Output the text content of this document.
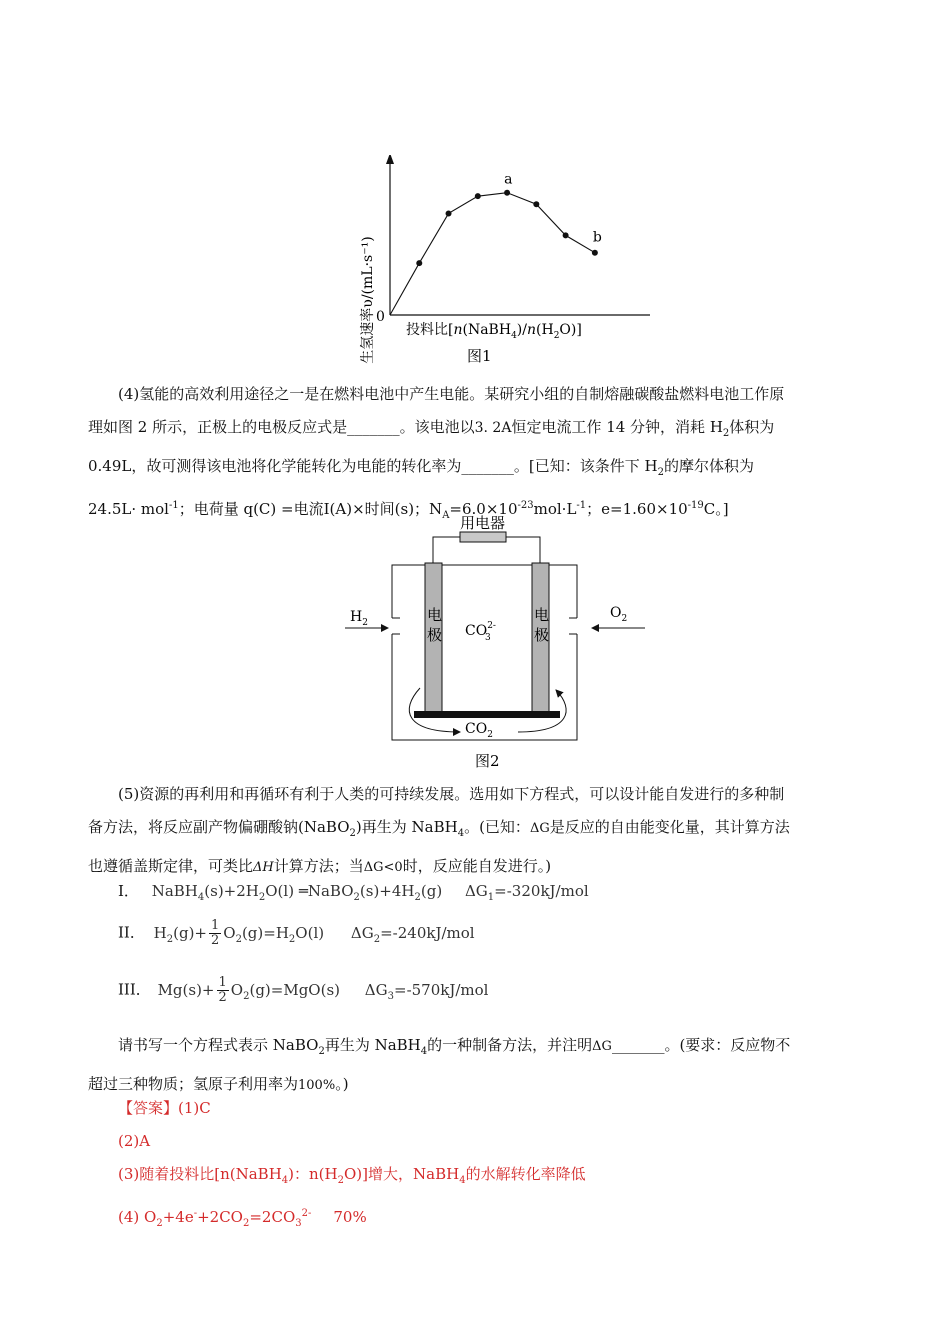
a
b
生氢速率υ/(mL·s⁻¹) 0
投料比$[n(NaBH_4)/n(H_2O)]$
图1
(4)氢能的高效利用途径之一是在燃料电池中产生电能。某研究小组的自制熔融碳酸盐燃料电池工作原
理如图 2 所示，正极上的电极反应式是_______。该电池以3. 2A恒定电流工作 14 分钟，消耗 $H_2$体积为
0.49L，故可测得该电池将化学能转化为电能的转化率为_______。[已知：该条件下 $H_2$的摩尔体积为
24.5L· mol$^{-1}$；电荷量 q(C) =电流I(A)×时间(s)；$N_A=6.0\times 10^{-23}mol\cdot L^{-1}$；$e=1.60\times 10^{-19}C$。]
用电器
电
极
电
极
$CO^{2-}3$
$H_2$
$O_2$
$CO_2$
图2
(5)资源的再利用和再循环有利于人类的可持续发展。选用如下方程式，可以设计能自发进行的多种制
备方法，将反应副产物偏硼酸钠(NaBO$_2$)再生为 NaBH$_4$。(已知：ΔG是反应的自由能变化量，其计算方法
也遵循盖斯定律，可类比ΔH计算方法；当ΔG<0时，反应能自发进行。)
I． $NaBH_4(s)+2H_2O(l)$ $═NaBO_2(s)+4H_2(g)$ $\Delta G_1=-320kJ$/mol
II． $H_2(g)+ \frac{1}{2} O_2(g)=H_2O(l)$ $\Delta G_2=-240kJ$/mol
III． $Mg(s)+ \frac{1}{2} O_2(g)=MgO(s)$ $\Delta G_3=-570kJ$/mol
请书写一个方程式表示 NaBO$_2$再生为 NaBH$_4$的一种制备方法，并注明ΔG_______。(要求：反应物不
超过三种物质；氢原子利用率为100%。)
【答案】(1)C
(2)A
(3)随着投料比[n(NaBH$_4$)：$n(H_2O)$]增大，NaBH$_4$的水解转化率降低
(4) $O_2+4e^-+2CO_2=2CO_3^{2-}$ 70%
